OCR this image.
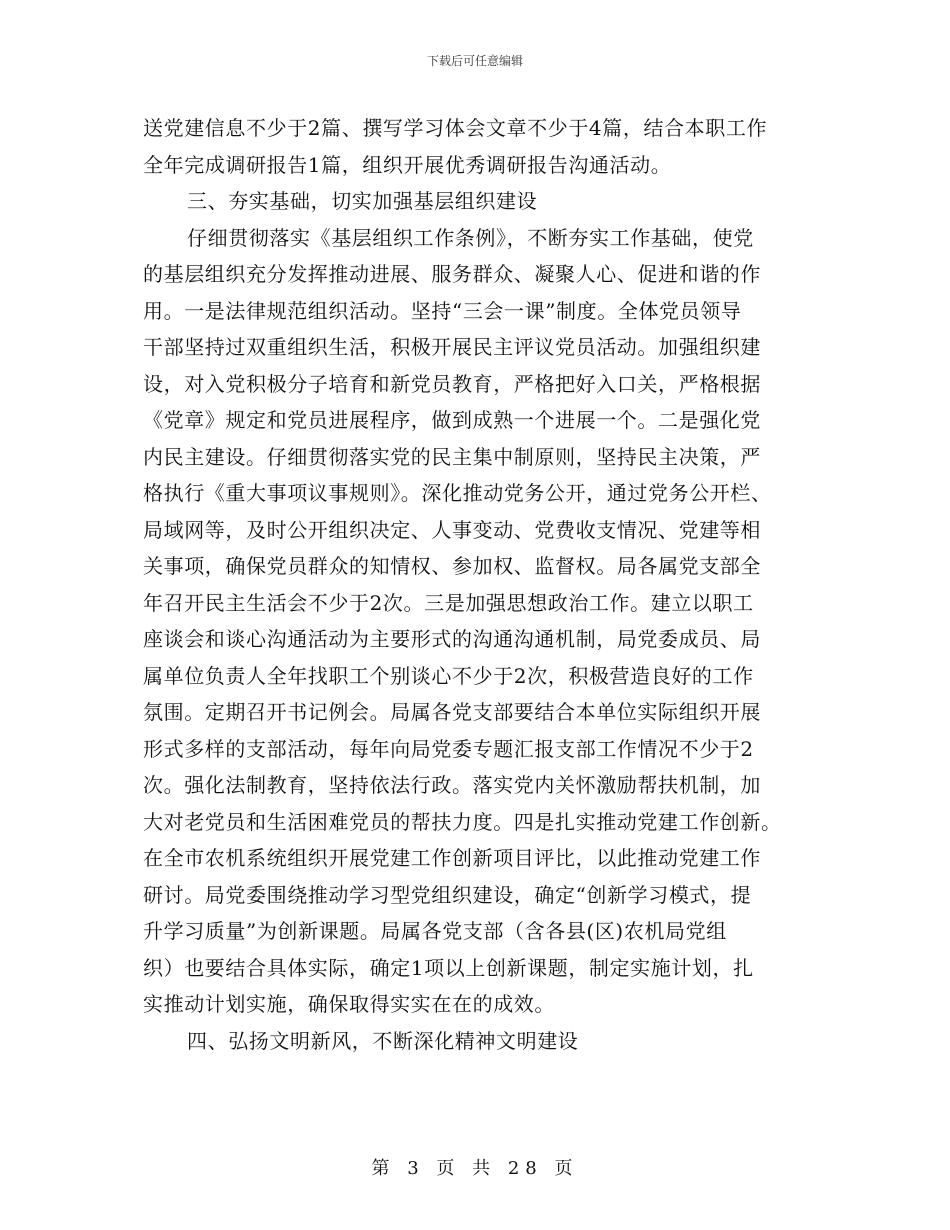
下载后可任意编辑
送党建信息不少于2篇、撰写学习体会文章不少于4篇，结合本职工作
全年完成调研报告1篇，组织开展优秀调研报告沟通活动。
三、夯实基础，切实加强基层组织建设
仔细贯彻落实《基层组织工作条例》，不断夯实工作基础，使党
的基层组织充分发挥推动进展、服务群众、凝聚人心、促进和谐的作
用。一是法律规范组织活动。坚持“三会一课”制度。全体党员领导
干部坚持过双重组织生活，积极开展民主评议党员活动。加强组织建
设，对入党积极分子培育和新党员教育，严格把好入口关，严格根据
《党章》规定和党员进展程序，做到成熟一个进展一个。二是强化党
内民主建设。仔细贯彻落实党的民主集中制原则，坚持民主决策，严
格执行《重大事项议事规则》。深化推动党务公开，通过党务公开栏、
局域网等，及时公开组织决定、人事变动、党费收支情况、党建等相
关事项，确保党员群众的知情权、参加权、监督权。局各属党支部全
年召开民主生活会不少于2次。三是加强思想政治工作。建立以职工
座谈会和谈心沟通活动为主要形式的沟通沟通机制，局党委成员、局
属单位负责人全年找职工个别谈心不少于2次，积极营造良好的工作
氛围。定期召开书记例会。局属各党支部要结合本单位实际组织开展
形式多样的支部活动，每年向局党委专题汇报支部工作情况不少于2
次。强化法制教育，坚持依法行政。落实党内关怀激励帮扶机制，加
大对老党员和生活困难党员的帮扶力度。四是扎实推动党建工作创新。
在全市农机系统组织开展党建工作创新项目评比，以此推动党建工作
研讨。局党委围绕推动学习型党组织建设，确定“创新学习模式，提
升学习质量”为创新课题。局属各党支部（含各县(区)农机局党组
织）也要结合具体实际，确定1项以上创新课题，制定实施计划，扎
实推动计划实施，确保取得实实在在的成效。
四、弘扬文明新风，不断深化精神文明建设
第 3 页 共 28 页
